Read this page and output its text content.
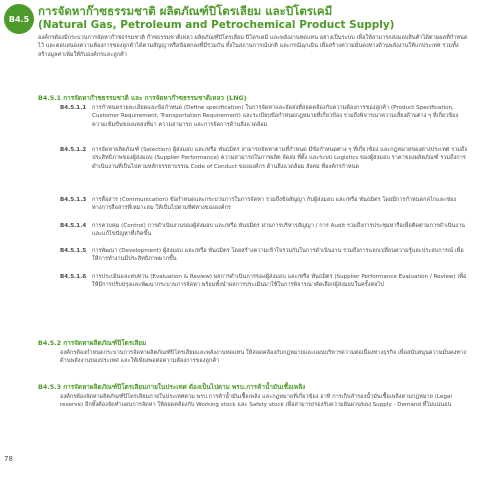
B4.5
การจัดหาก๊าซธรรมชาติ ผลิตภัณฑ์ปิโตรเลียม และปิโตรเคมี
(Natural Gas, Petroleum and Petrochemical Product Supply)
องค์กรต้องมีกระบวนการจัดหาก๊าซธรรมชาติ ก๊าซธรรมชาติเหลว ผลิตภัณฑ์ปิโตรเลียม ปิโตรเคมี และพลังงานทดแทน อย่างเป็นระบบ เพื่อให้สามารถส่งมอบสินค้าได้ตามผลที่กำหนดไว้ และตอบสนองความต้องการของลูกค้าได้ตามสัญญาหรือข้อตกลงที่มีร่วมกัน ทั้งในสถานการณ์ปกติ และกรณีฉุกเฉิน เพื่อสร้างความมั่นคงทางด้านพลังงานให้แก่ประเทศ รวมทั้งสร้างมูลค่าเพิ่มให้กับองค์กรและลูกค้า
B4.5.1 การจัดหาก๊าซธรรมชาติ และ การจัดหาก๊าซธรรมชาติเหลว (LNG)
B4.5.1.1 การกำหนดรายละเอียดและข้อกำหนด (Define specification) ในการจัดหาและจัดส่งที่สอดคล้องกับความต้องการของลูกค้า (Product Specification, Customer Requirement, Transportation Requirement) และระเบียบข้อกำหนดกฎหมายที่เกี่ยวข้อง รวมถึงพิจารณาความเสี่ยงด้านต่าง ๆ ที่เกี่ยวข้อง ความเข้มข้นของแหล่งที่มา ความสามารถ และการจัดการด้านสิ่งแวดล้อม
B4.5.1.2 การจัดหาผลิตภัณฑ์ (Selection) ผู้ส่งมอบ และ/หรือ พันธมิตร สามารถจัดหาตามที่กำหนด มีข้อกำหนดต่าง ๆ ที่เกี่ยวข้อง และกฎหมายของต่างประเทศ รวมถึงประสิทธิภาพของผู้ส่งมอบ (Supplier Performance) ความสามารถในการผลิต จัดส่ง ที่ตั้ง และระบบ Logistics ของผู้ส่งมอบ ราคาของผลิตภัณฑ์ รวมถึงการดำเนินงานที่เป็นไปตามหลักจรรยาบรรณ Code of Conduct ขององค์กร ด้านสิ่งแวดล้อม สังคม ที่องค์กรกำหนด
B4.5.1.3 การสื่อสาร (Communication) ข้อกำหนดและกระบวนการในการจัดหา รวมถึงข้อสัญญา กับผู้ส่งมอบ และ/หรือ พันธมิตร โดยมีการกำหนดกลไกและช่องทางการสื่อสารที่เหมาะสม ให้เป็นไปตามทิศทางขององค์กร
B4.5.1.4 การควบคุม (Control) การดำเนินงานของผู้ส่งมอบ และ/หรือ พันธมิตร ผ่านการบริหารสัญญา / การ Audit รวมถึงการประชุมหารือเพื่อติดตามการดำเนินงาน และแก้ไขปัญหาที่เกิดขึ้น
B4.5.1.5 การพัฒนา (Development) ผู้ส่งมอบ และ/หรือ พันธมิตร โดยสร้างความเข้าใจร่วมกันในการดำเนินงาน รวมถึงการแลกเปลี่ยนความรู้และประสบการณ์ เพื่อให้การทำงานมีประสิทธิภาพมากขึ้น
B4.5.1.6 การประเมินและทบทวน (Evaluation & Review) ผลการดำเนินการของผู้ส่งมอบ และ/หรือ พันธมิตร (Supplier Performance Evaluation / Review) เพื่อให้มีการปรับปรุงและพัฒนากระบวนการจัดหา พร้อมทั้งนำผลการประเมินมาใช้ในการพิจารณาคัดเลือกผู้ส่งมอบในครั้งต่อไป
B4.5.2 การจัดหาผลิตภัณฑ์ปิโตรเลียม
องค์กรต้องกำหนดกระบวนการจัดหาผลิตภัณฑ์ปิโตรเลียมและพลังงานทดแทน ให้สอดคล้องกับกฎหมายและแผนบริหารความต่อเนื่องทางธุรกิจ เพื่อสนับสนุนความมั่นคงทางด้านพลังงานของประเทศ และให้เพียงพอต่อความต้องการของลูกค้า
B4.5.3 การจัดหาผลิตภัณฑ์ปิโตรเลียมภายในประเทศ ต้องเป็นไปตาม พรบ.การค้าน้ำมันเชื้อเพลิง
องค์กรต้องจัดหาผลิตภัณฑ์ปิโตรเลียมภายในประเทศตาม พรบ.การค้าน้ำมันเชื้อเพลิง และกฎหมายที่เกี่ยวข้อง อาทิ การเก็บสำรองน้ำมันเชื้อเพลิงตามกฎหมาย (Legal reserve) อีกทั้งต้องจัดทำแผนการจัดหา ให้สอดคล้องกับ Working stock และ Safety stock เพื่อสามารถรองรับความผันผวนของ Supply - Demand ที่ไม่แน่นอน
78
